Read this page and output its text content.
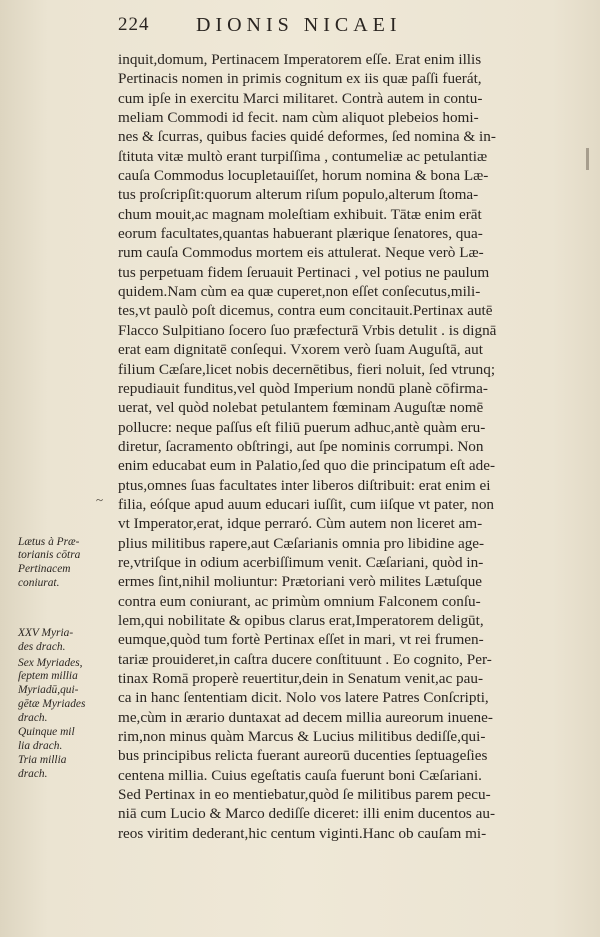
224 DIONIS NICAEI
inquit,domum, Pertinacem Imperatorem eſſe. Erat enim illis
Pertinacis nomen in primis cognitum ex iis quæ paſſi fuerát,
cum ipſe in exercitu Marci militaret. Contrà autem in contu-
meliam Commodi id fecit. nam cùm aliquot plebeios homi-
nes & ſcurras, quibus facies quidé deformes, ſed nomina & in-
ſtituta vitæ multò erant turpiſſima , contumeliæ ac petulantiæ
cauſa Commodus locupletauiſſet, horum nomina & bona Læ-
tus proſcripſit:quorum alterum riſum populo,alterum ſtoma-
chum mouit,ac magnam moleſtiam exhibuit. Tātæ enim erāt
eorum facultates,quantas habuerant plærique ſenatores, qua-
rum cauſa Commodus mortem eis attulerat. Neque verò Læ-
tus perpetuam fidem ſeruauit Pertinaci , vel potius ne paulum
quidem.Nam cùm ea quæ cuperet,non eſſet conſecutus,mili-
tes,vt paulò poſt dicemus, contra eum concitauit.Pertinax autē
Flacco Sulpitiano ſocero ſuo præfecturā Vrbis detulit . is dignā
erat eam dignitatē conſequi. Vxorem verò ſuam Auguſtā, aut
filium Cæſare,licet nobis decernētibus, fieri noluit, ſed vtrunq;
repudiauit funditus,vel quòd Imperium nondū planè cōfirma-
uerat, vel quòd nolebat petulantem fœminam Auguſtæ nomē
pollucre: neque paſſus eſt filiū puerum adhuc,antè quàm eru-
diretur, ſacramento obſtringi, aut ſpe nominis corrumpi. Non
enim educabat eum in Palatio,ſed quo die principatum eſt ade-
ptus,omnes ſuas facultates inter liberos diſtribuit: erat enim ei
filia, eóſque apud auum educari iuſſit, cum iiſque vt pater, non
vt Imperator,erat, idque perraró. Cùm autem non liceret am-
plius militibus rapere,aut Cæſarianis omnia pro libidine age-
re,vtriſque in odium acerbiſſimum venit. Cæſariani, quòd in-
ermes ſint,nihil moliuntur: Prætoriani verò milites Lætuſque
contra eum coniurant, ac primùm omnium Falconem conſu-
lem,qui nobilitate & opibus clarus erat,Imperatorem deligūt,
eumque,quòd tum fortè Pertinax eſſet in mari, vt rei frumen-
tariæ prouideret,in caſtra ducere conſtituunt . Eo cognito, Per-
tinax Romā properè reuertitur,dein in Senatum venit,ac pau-
ca in hanc ſententiam dicit. Nolo vos latere Patres Conſcripti,
me,cùm in ærario duntaxat ad decem millia aureorum inuene-
rim,non minus quàm Marcus & Lucius militibus dediſſe,qui-
bus principibus relicta fuerant aureorū ducenties ſeptuageſies
centena millia. Cuius egeſtatis cauſa fuerunt boni Cæſariani.
Sed Pertinax in eo mentiebatur,quòd ſe militibus parem pecu-
niā cum Lucio & Marco dediſſe diceret: illi enim ducentos au-
reos viritim dederant,hic centum viginti.Hanc ob cauſam mi-
Lætus à Præ-
torianis cōtra
Pertinacem
coniurat.
XXV Myria-
des drach.
Sex Myriades,
ſeptem millia
Myriadū,qui-
gētæ Myriades
drach.
Quinque mil
lia drach.
Tria millia
drach.
~
